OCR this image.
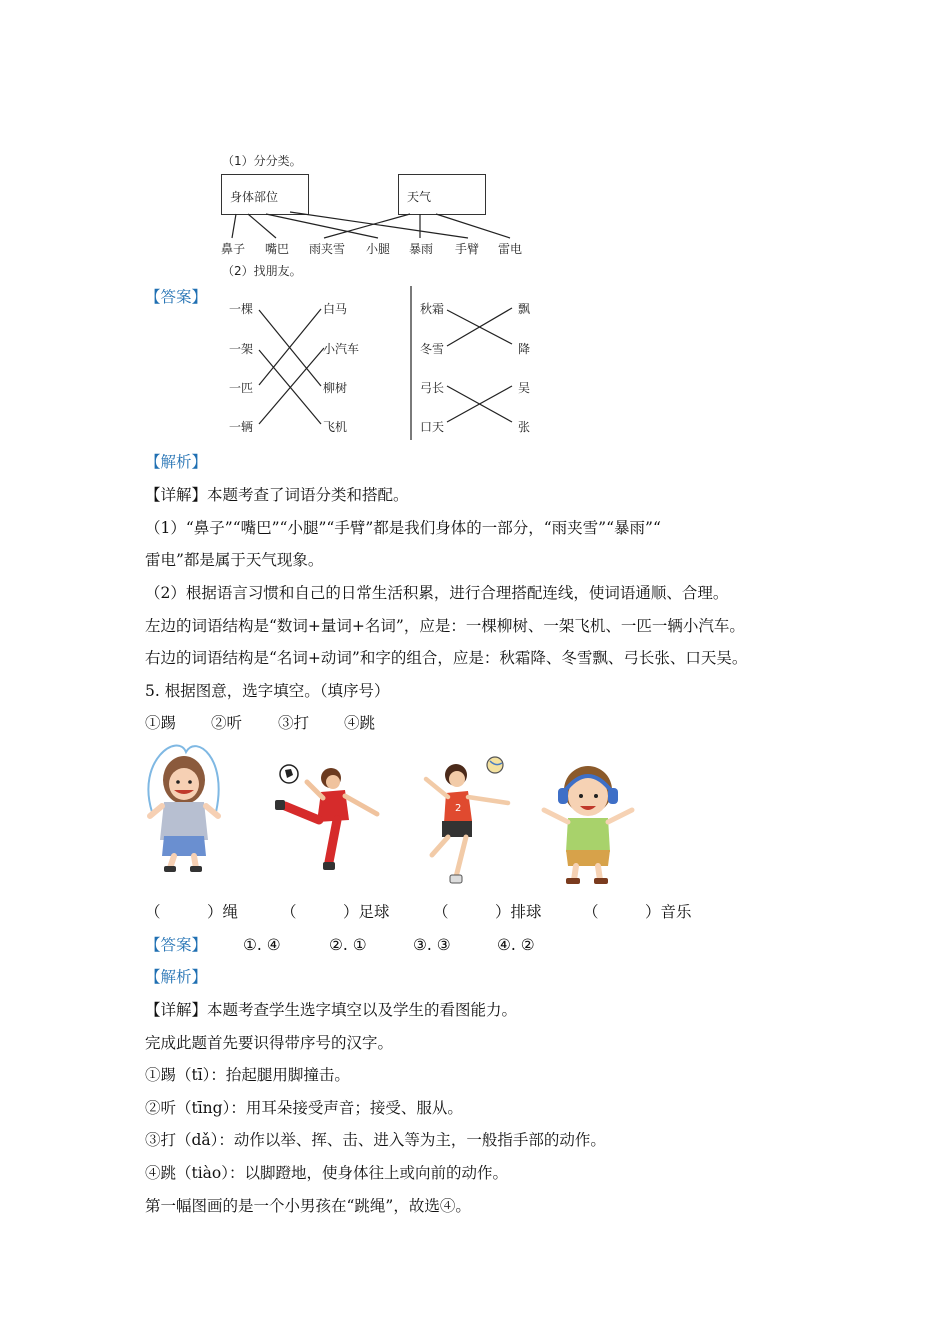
（1）分分类。
身体部位	天气
鼻子 嘴巴 雨夹雪 小腿 暴雨 手臂 雷电
（2）找朋友。
【答案】
一棵
一架
一匹
一辆
白马
小汽车
柳树
飞机
秋霜
冬雪
弓长
口天
飘
降
吴
张
【解析】
【详解】本题考查了词语分类和搭配。
（1）“鼻子”“嘴巴”“小腿”“手臂”都是我们身体的一部分，“雨夹雪”“暴雨”“
雷电”都是属于天气现象。
（2）根据语言习惯和自己的日常生活积累，进行合理搭配连线，使词语通顺、合理。
左边的词语结构是“数词+量词+名词”，应是：一棵柳树、一架飞机、一匹一辆小汽车。
右边的词语结构是“名词+动词”和字的组合，应是：秋霜降、冬雪飘、弓长张、口天吴。
5. 根据图意，选字填空。（填序号）
①踢 ②听 ③打 ④跳
2
（　　　）绳	（　　　）足球	（　　　）排球	（　　　）音乐
【答案】 ①. ④	②. ①	③. ③	④. ②
【解析】
【详解】本题考查学生选字填空以及学生的看图能力。
完成此题首先要识得带序号的汉字。
①踢（tī）：抬起腿用脚撞击。
②听（tīng）：用耳朵接受声音；接受、服从。
③打（dǎ）：动作以举、挥、击、进入等为主，一般指手部的动作。
④跳（tiào）：以脚蹬地，使身体往上或向前的动作。
第一幅图画的是一个小男孩在“跳绳”，故选④。
